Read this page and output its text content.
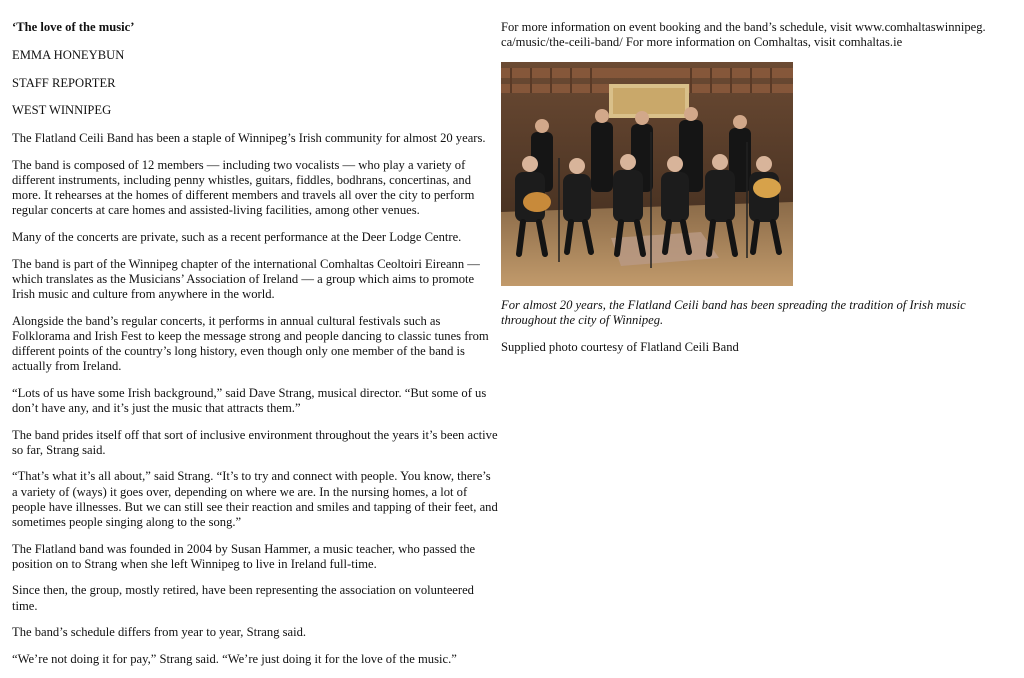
‘The love of the music’

EMMA HONEYBUN

STAFF REPORTER

WEST WINNIPEG

The Flatland Ceili Band has been a staple of Winnipeg’s Irish community for almost 20 years.

The band is composed of 12 members — including two vocalists — who play a variety of different instruments, including penny whistles, guitars, fiddles, bodhrans, concertinas, and more. It rehearses at the homes of different members and travels all over the city to perform regular concerts at care homes and assisted-living facilities, among other venues.

Many of the concerts are private, such as a recent performance at the Deer Lodge Centre.

The band is part of the Winnipeg chapter of the international Comhaltas Ceoltoiri Eireann — which translates as the Musicians’ Association of Ireland — a group which aims to promote Irish music and culture from anywhere in the world.

Alongside the band’s regular concerts, it performs in annual cultural festivals such as Folklorama and Irish Fest to keep the message strong and people dancing to classic tunes from different points of the country’s long history, even though only one member of the band is actually from Ireland.

“Lots of us have some Irish background,” said Dave Strang, musical director. “But some of us don’t have any, and it’s just the music that attracts them.”

The band prides itself off that sort of inclusive environment throughout the years it’s been active so far, Strang said.

“That’s what it’s all about,” said Strang. “It’s to try and connect with people. You know, there’s a variety of (ways) it goes over, depending on where we are. In the nursing homes, a lot of people have illnesses. But we can still see their reaction and smiles and tapping of their feet, and sometimes people singing along to the song.”

The Flatland band was founded in 2004 by Susan Hammer, a music teacher, who passed the position on to Strang when she left Winnipeg to live in Ireland full-time.

Since then, the group, mostly retired, have been representing the association on volunteered time.

The band’s schedule differs from year to year, Strang said.

“We’re not doing it for pay,” Strang said. “We’re just doing it for the love of the music.”

For more information on event booking and the band’s schedule, visit www.comhaltaswinnipeg. ca/music/the-ceili-band/ For more information on Comhaltas, visit comhaltas.ie

For almost 20 years, the Flatland Ceili band has been spreading the tradition of Irish music throughout the city of Winnipeg.

Supplied photo courtesy of Flatland Ceili Band
